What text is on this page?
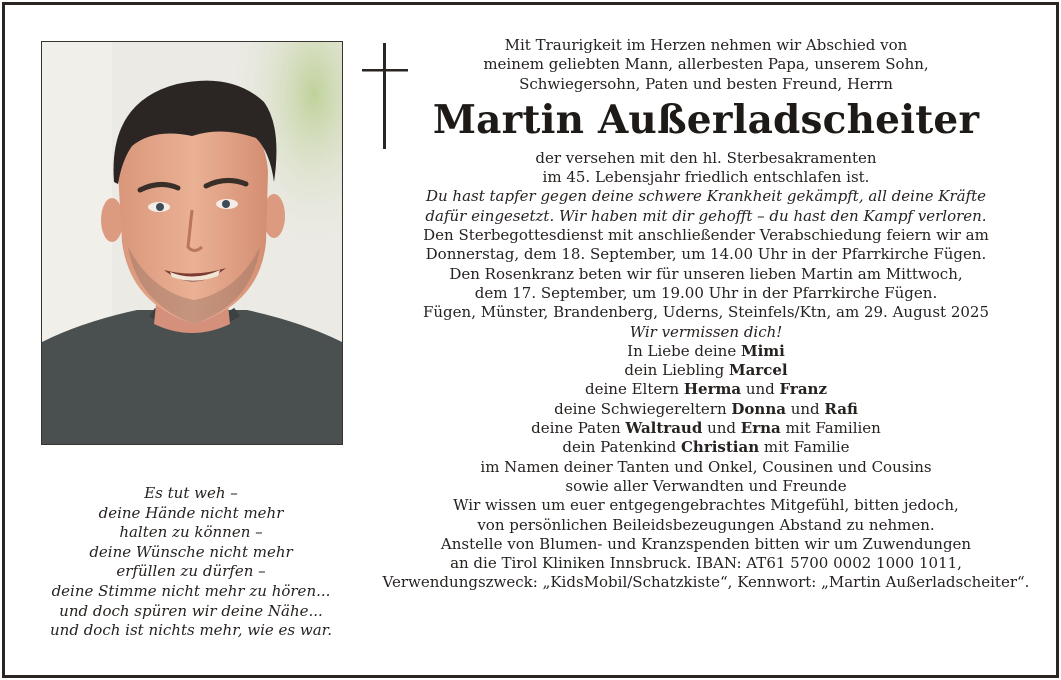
Es tut weh –
deine Hände nicht mehr
halten zu können –
deine Wünsche nicht mehr
erfüllen zu dürfen –
deine Stimme nicht mehr zu hören...
und doch spüren wir deine Nähe...
und doch ist nichts mehr, wie es war.
Mit Traurigkeit im Herzen nehmen wir Abschied von
meinem geliebten Mann, allerbesten Papa, unserem Sohn,
Schwiegersohn, Paten und besten Freund, Herrn
Martin Außerladscheiter
der versehen mit den hl. Sterbesakramenten
im 45. Lebensjahr friedlich entschlafen ist.
Du hast tapfer gegen deine schwere Krankheit gekämpft, all deine Kräfte
dafür eingesetzt. Wir haben mit dir gehofft – du hast den Kampf verloren.
Den Sterbegottesdienst mit anschließender Verabschiedung feiern wir am
Donnerstag, dem 18. September, um 14.00 Uhr in der Pfarrkirche Fügen.
Den Rosenkranz beten wir für unseren lieben Martin am Mittwoch,
dem 17. September, um 19.00 Uhr in der Pfarrkirche Fügen.
Fügen, Münster, Brandenberg, Uderns, Steinfels/Ktn, am 29. August 2025
Wir vermissen dich!
In Liebe deine Mimi
dein Liebling Marcel
deine Eltern Herma und Franz
deine Schwiegereltern Donna und Rafi
deine Paten Waltraud und Erna mit Familien
dein Patenkind Christian mit Familie
im Namen deiner Tanten und Onkel, Cousinen und Cousins
sowie aller Verwandten und Freunde
Wir wissen um euer entgegengebrachtes Mitgefühl, bitten jedoch,
von persönlichen Beileidsbezeugungen Abstand zu nehmen.
Anstelle von Blumen- und Kranzspenden bitten wir um Zuwendungen
an die Tirol Kliniken Innsbruck. IBAN: AT61 5700 0002 1000 1011,
Verwendungszweck: „KidsMobil/Schatzkiste“, Kennwort: „Martin Außerladscheiter“.
